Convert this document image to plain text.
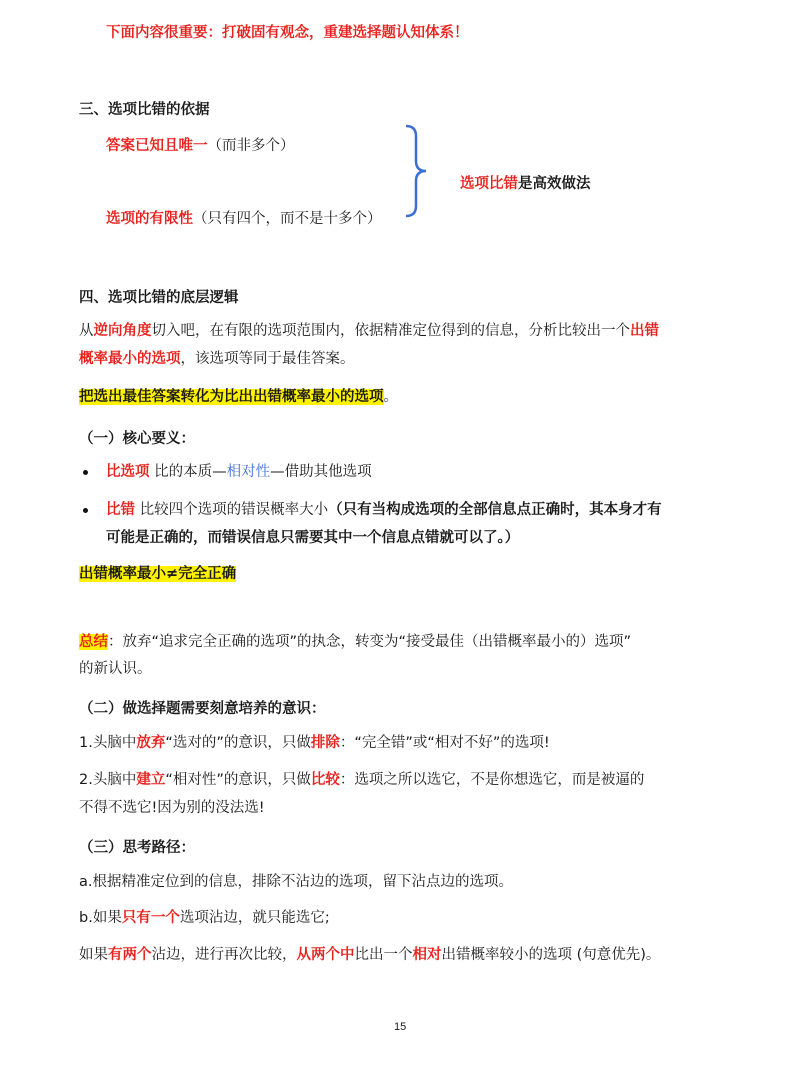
下面内容很重要：打破固有观念，重建选择题认知体系！
三、选项比错的依据
答案已知且唯一（而非多个）
选项的有限性（只有四个，而不是十多个）
选项比错是高效做法
四、选项比错的底层逻辑
从逆向角度切入吧，在有限的选项范围内，依据精准定位得到的信息，分析比较出一个出错
概率最小的选项，该选项等同于最佳答案。
把选出最佳答案转化为比出出错概率最小的选项。
（一）核心要义：
比选项 比的本质—相对性—借助其他选项
比错 比较四个选项的错误概率大小（只有当构成选项的全部信息点正确时，其本身才有
可能是正确的，而错误信息只需要其中一个信息点错就可以了。）
出错概率最小≠完全正确
总结：放弃“追求完全正确的选项”的执念，转变为“接受最佳（出错概率最小的）选项”
的新认识。
（二）做选择题需要刻意培养的意识：
1.头脑中放弃“选对的”的意识，只做排除：“完全错”或“相对不好”的选项!
2.头脑中建立“相对性”的意识，只做比较：选项之所以选它，不是你想选它，而是被逼的
不得不选它!因为别的没法选!
（三）思考路径：
a.根据精准定位到的信息，排除不沾边的选项，留下沾点边的选项。
b.如果只有一个选项沾边，就只能选它;
如果有两个沾边，进行再次比较，从两个中比出一个相对出错概率较小的选项 (句意优先)。
15
